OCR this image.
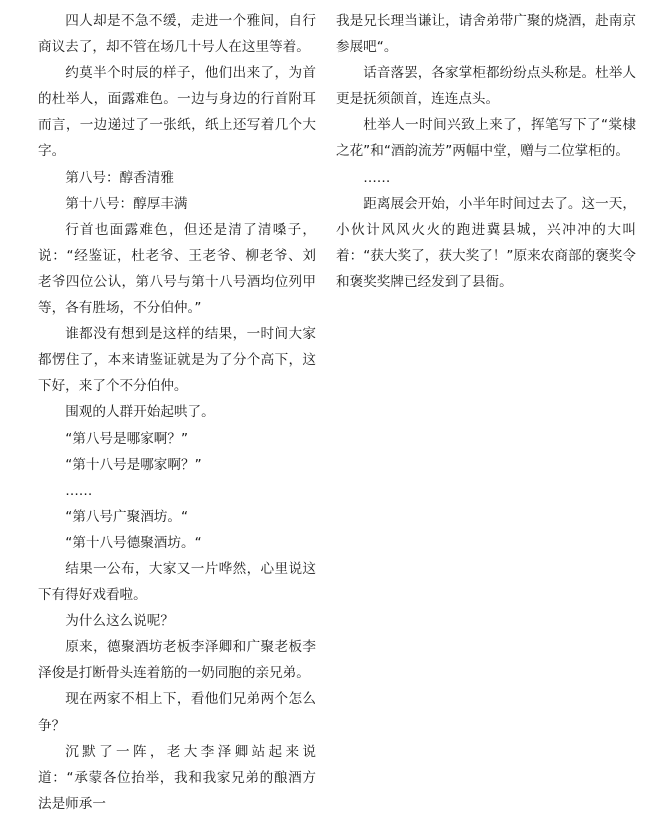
四人却是不急不缓，走进一个雅间，自行商议去了，却不管在场几十号人在这里等着。

约莫半个时辰的样子，他们出来了，为首的杜举人，面露难色。一边与身边的行首附耳而言，一边递过了一张纸，纸上还写着几个大字。

第八号：醇香清雅

第十八号：醇厚丰满

行首也面露难色，但还是清了清嗓子，说：“经鉴证，杜老爷、王老爷、柳老爷、刘老爷四位公认，第八号与第十八号酒均位列甲等，各有胜场，不分伯仲。”

谁都没有想到是这样的结果，一时间大家都愣住了，本来请鉴证就是为了分个高下，这下好，来了个不分伯仲。

围观的人群开始起哄了。

“第八号是哪家啊？”

“第十八号是哪家啊？”

……

“第八号广聚酒坊。“

“第十八号德聚酒坊。“

结果一公布，大家又一片哗然，心里说这下有得好戏看啦。

为什么这么说呢？

原来，德聚酒坊老板李泽卿和广聚老板李泽俊是打断骨头连着筋的一奶同胞的亲兄弟。

现在两家不相上下，看他们兄弟两个怎么争？

沉默了一阵，老大李泽卿站起来说道：“承蒙各位抬举，我和我家兄弟的酿酒方法是师承一

我是兄长理当谦让，请舍弟带广聚的烧酒，赴南京参展吧“。

话音落罢，各家掌柜都纷纷点头称是。杜举人更是抚须颌首，连连点头。

杜举人一时间兴致上来了，挥笔写下了“棠棣之花”和“酒韵流芳”两幅中堂，赠与二位掌柜的。

……

距离展会开始，小半年时间过去了。这一天，小伙计风风火火的跑进冀县城，兴冲冲的大叫着：“获大奖了，获大奖了！”原来农商部的褒奖令和褒奖奖牌已经发到了县衙。
